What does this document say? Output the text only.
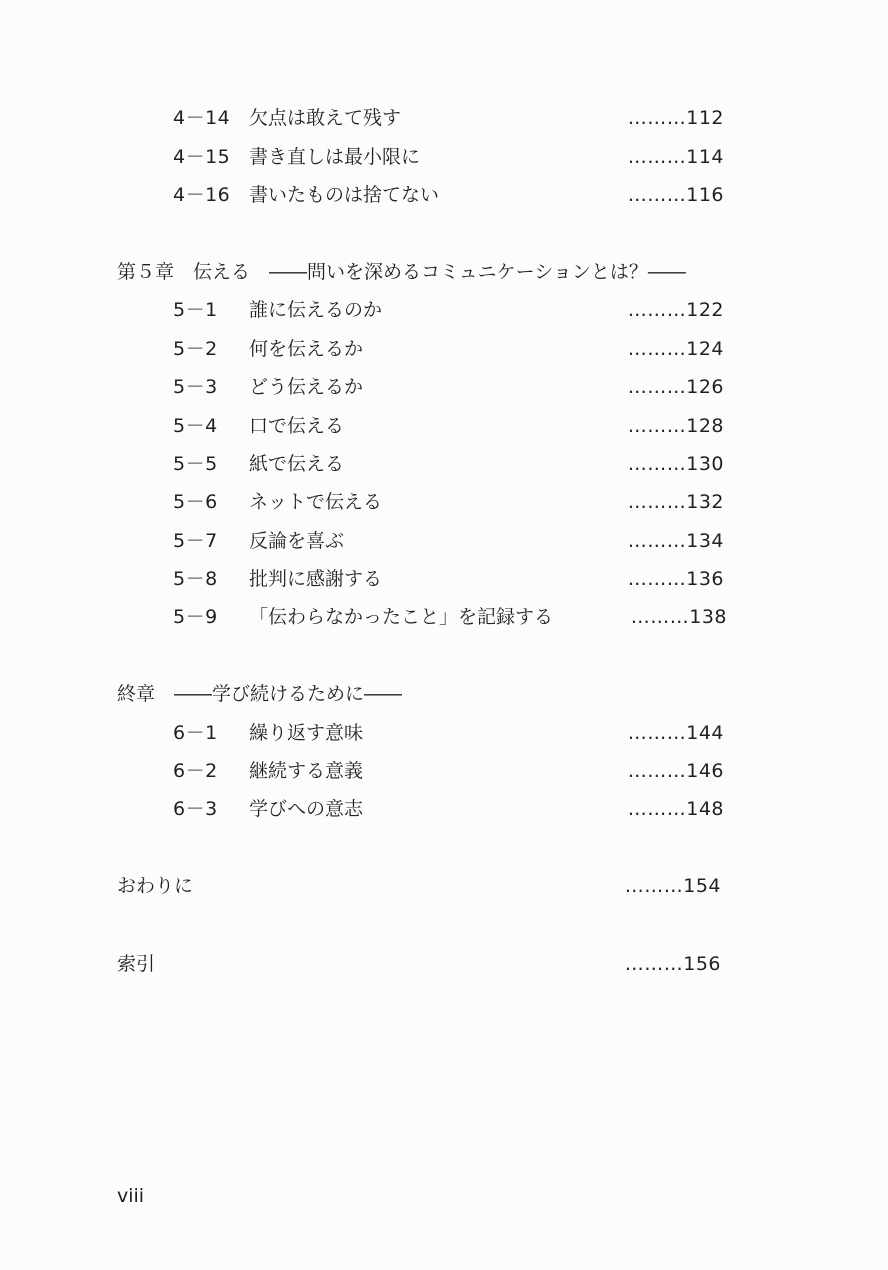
4－14 欠点は敢えて残す	………112
4－15 書き直しは最小限に	………114
4－16 書いたものは捨てない	………116
第５章　伝える　――問いを深めるコミュニケーションとは？――
5－1 誰に伝えるのか	………122
5－2 何を伝えるか	………124
5－3 どう伝えるか	………126
5－4 口で伝える	………128
5－5 紙で伝える	………130
5－6 ネットで伝える	………132
5－7 反論を喜ぶ	………134
5－8 批判に感謝する	………136
5－9 「伝わらなかったこと」を記録する	………138
終章　――学び続けるために――
6－1 繰り返す意味	………144
6－2 継続する意義	………146
6－3 学びへの意志	………148
おわりに	………154
索引	………156
viii
